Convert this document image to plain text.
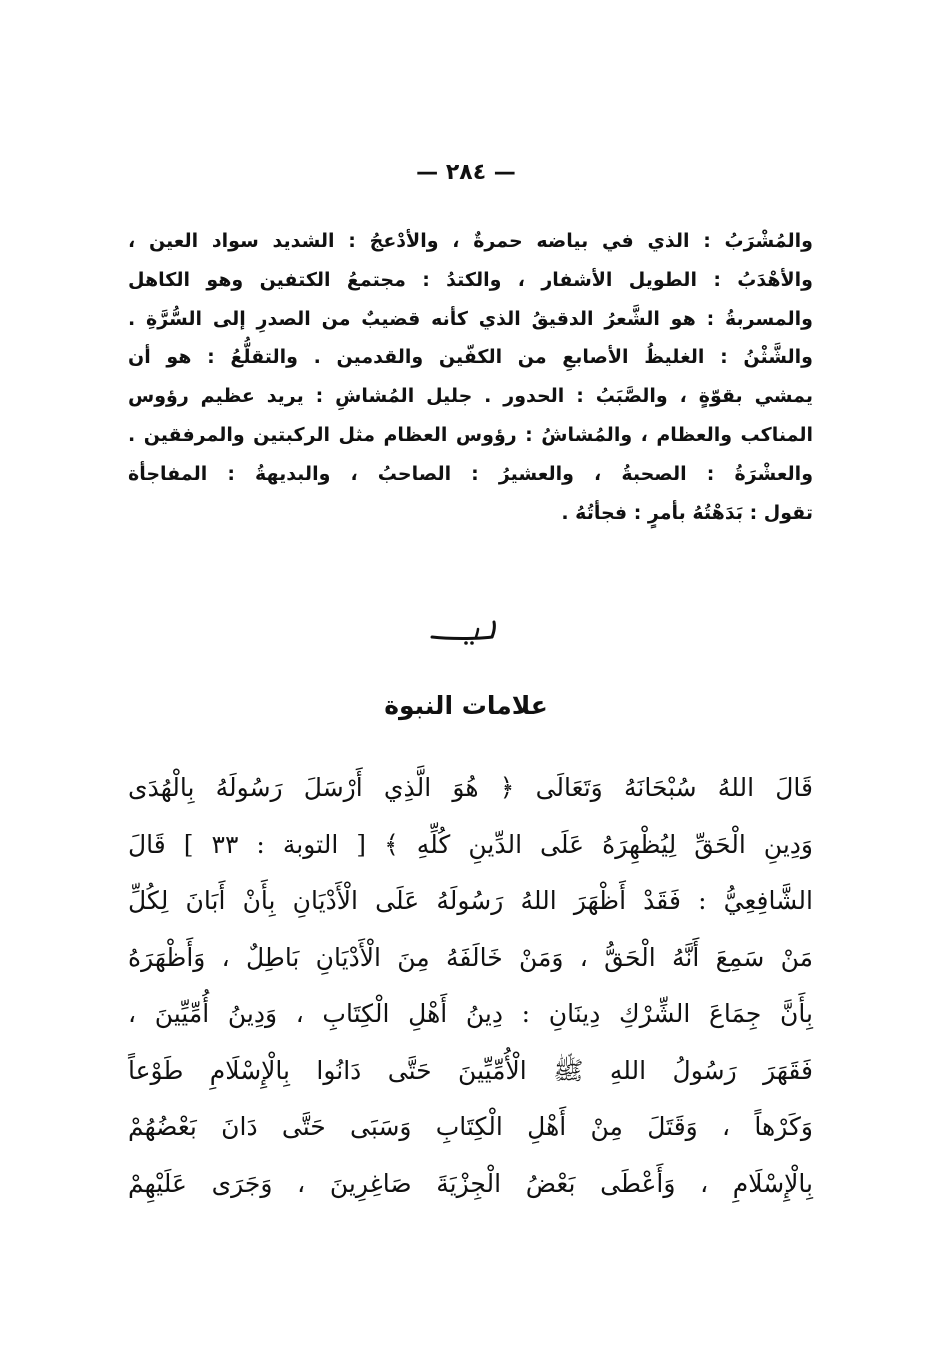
— ٢٨٤ —
والمُشْرَبُ : الذي في بياضه حمرةٌ ، والأدْعجُ : الشديد سواد العين ،
والأهْدَبُ : الطويل الأشفار ، والكتدُ : مجتمعُ الكتفين وهو الكاهل
والمسربةُ : هو الشَّعرُ الدقيقُ الذي كأنه قضيبٌ من الصدرِ إلى السُّرَّةِ .
والشَّثْنُ : الغليظُ الأصابعِ من الكفّين والقدمين . والتقلُّعُ : هو أن
يمشي بقوّةٍ ، والصَّبَبُ : الحدور . جليل المُشاشِ : يريد عظيم رؤوس
المناكب والعظام ، والمُشاشُ : رؤوس العظام مثل الركبتين والمرفقين .
والعشْرَةُ : الصحبةُ ، والعشيرُ : الصاحبُ ، والبديهةُ : المفاجأة
تقول : بَدَهْتُهُ بأمرٍ : فجأتُهُ .
علامات النبوة
قَالَ اللهُ سُبْحَانَهُ وَتَعَالَى ﴿ هُوَ الَّذِي أَرْسَلَ رَسُولَهُ بِالْهُدَى
وَدِينِ الْحَقِّ لِيُظْهِرَهُ عَلَى الدِّينِ كُلِّهِ ﴾ [ التوبة : ٣٣ ] قَالَ
الشَّافِعِيُّ : فَقَدْ أَظْهَرَ اللهُ رَسُولَهُ عَلَى الْأَدْيَانِ بِأَنْ أَبَانَ لِكُلِّ
مَنْ سَمِعَ أَنَّهُ الْحَقُّ ، وَمَنْ خَالَفَهُ مِنَ الْأَدْيَانِ بَاطِلٌ ، وَأَظْهَرَهُ
بِأَنَّ جِمَاعَ الشِّرْكِ دِينَانِ : دِينُ أَهْلِ الْكِتَابِ ، وَدِينُ أُمِّيِّينَ ،
فَقَهَرَ رَسُولُ اللهِ ﷺ الْأُمِّيِّينَ حَتَّى دَانُوا بِالْإِسْلَامِ طَوْعاً
وَكَرْهاً ، وَقَتَلَ مِنْ أَهْلِ الْكِتَابِ وَسَبَى حَتَّى دَانَ بَعْضُهُمْ
بِالْإِسْلَامِ ، وَأَعْطَى بَعْضُ الْجِزْيَةَ صَاغِرِينَ ، وَجَرَى عَلَيْهِمْ
